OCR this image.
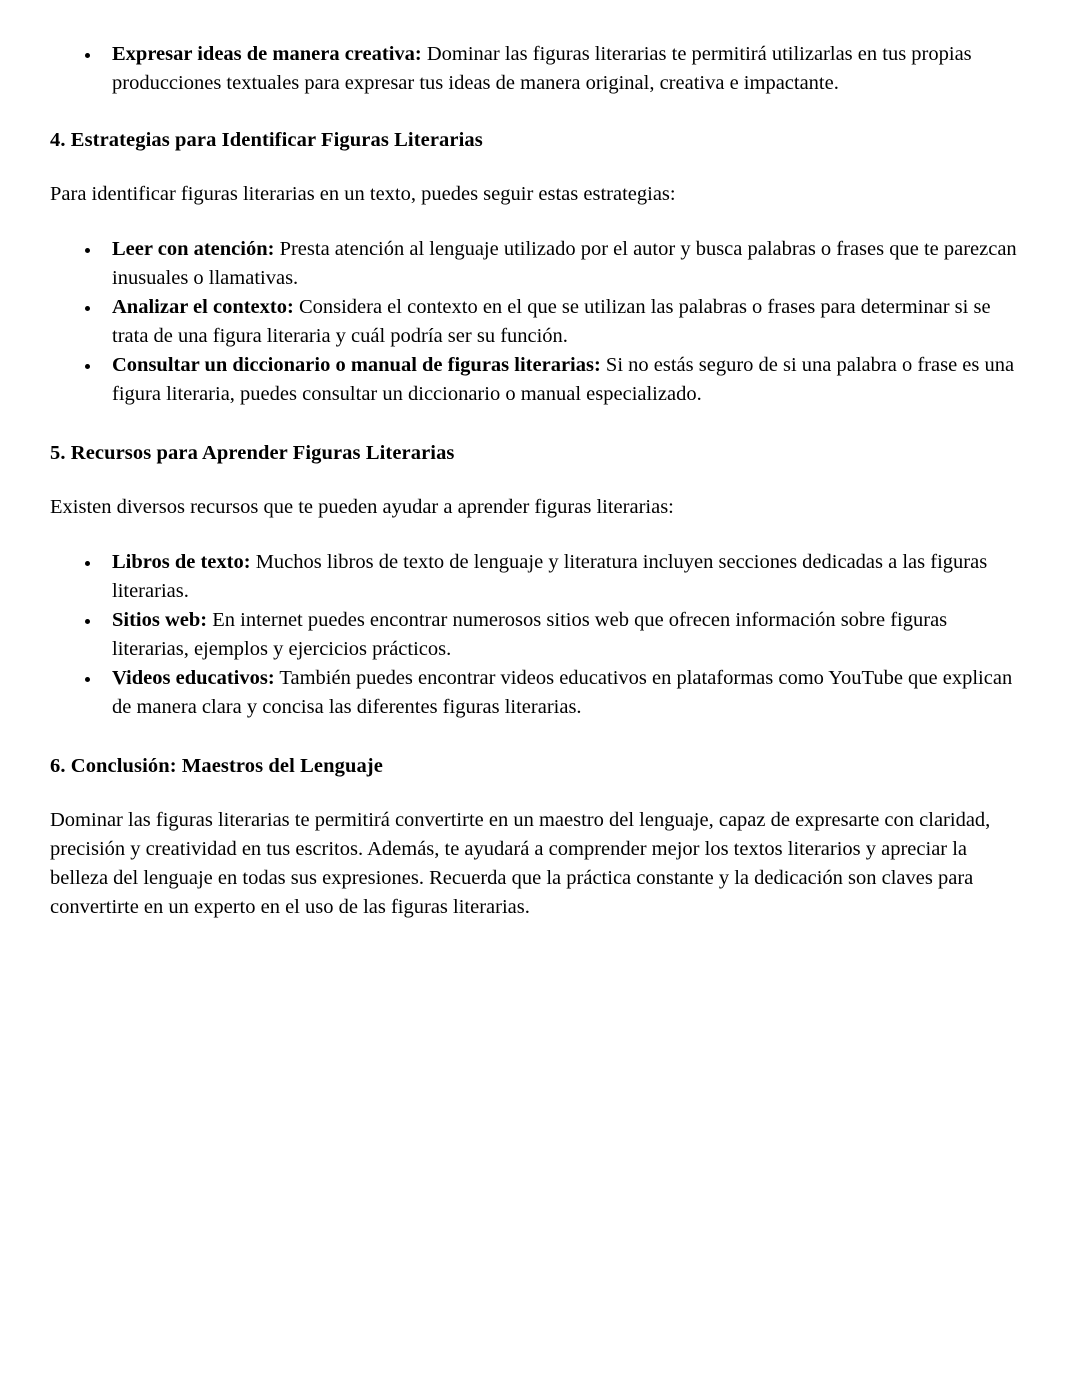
Expresar ideas de manera creativa: Dominar las figuras literarias te permitirá utilizarlas en tus propias producciones textuales para expresar tus ideas de manera original, creativa e impactante.
4. Estrategias para Identificar Figuras Literarias

Para identificar figuras literarias en un texto, puedes seguir estas estrategias:

Leer con atención: Presta atención al lenguaje utilizado por el autor y busca palabras o frases que te parezcan inusuales o llamativas.
Analizar el contexto: Considera el contexto en el que se utilizan las palabras o frases para determinar si se trata de una figura literaria y cuál podría ser su función.
Consultar un diccionario o manual de figuras literarias: Si no estás seguro de si una palabra o frase es una figura literaria, puedes consultar un diccionario o manual especializado.
5. Recursos para Aprender Figuras Literarias

Existen diversos recursos que te pueden ayudar a aprender figuras literarias:

Libros de texto: Muchos libros de texto de lenguaje y literatura incluyen secciones dedicadas a las figuras literarias.
Sitios web: En internet puedes encontrar numerosos sitios web que ofrecen información sobre figuras literarias, ejemplos y ejercicios prácticos.
Videos educativos: También puedes encontrar videos educativos en plataformas como YouTube que explican de manera clara y concisa las diferentes figuras literarias.
6. Conclusión: Maestros del Lenguaje

Dominar las figuras literarias te permitirá convertirte en un maestro del lenguaje, capaz de expresarte con claridad, precisión y creatividad en tus escritos. Además, te ayudará a comprender mejor los textos literarios y apreciar la belleza del lenguaje en todas sus expresiones. Recuerda que la práctica constante y la dedicación son claves para convertirte en un experto en el uso de las figuras literarias.
